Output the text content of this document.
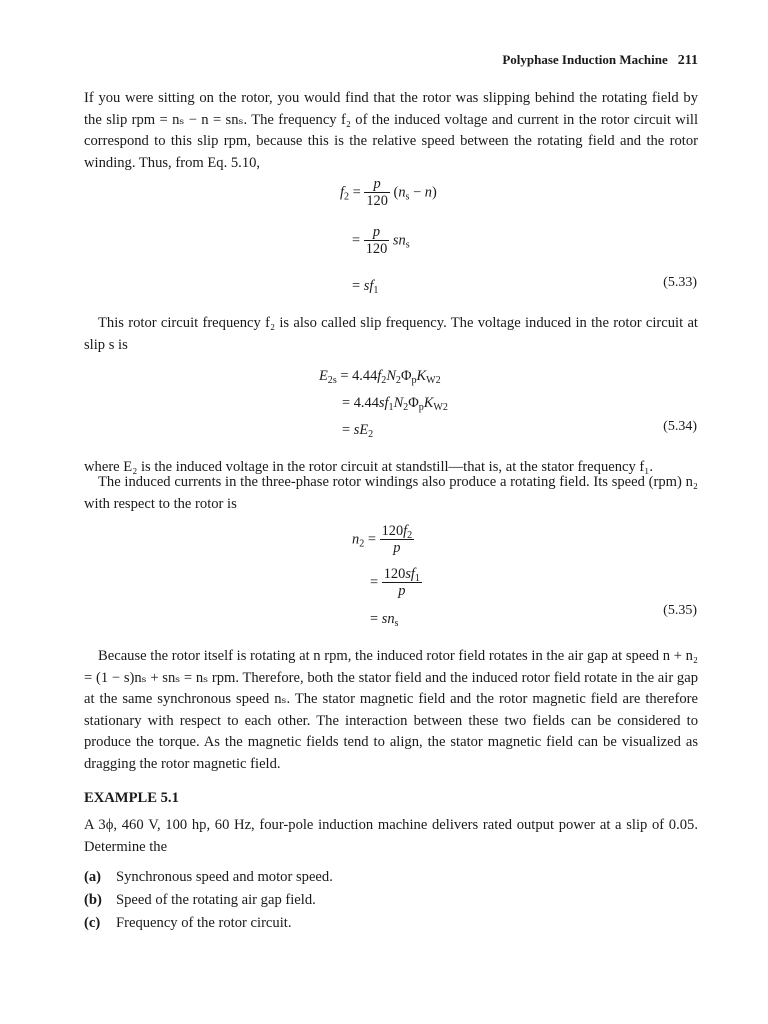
Polyphase Induction Machine 211

If you were sitting on the rotor, you would find that the rotor was slipping behind the rotating field by the slip rpm = nₛ − n = snₛ. The frequency f₂ of the induced voltage and current in the rotor circuit will correspond to this slip rpm, because this is the relative speed between the rotating field and the rotor winding. Thus, from Eq. 5.10,

$f_2 = \frac{p}{120} (n_s - n)$
= $\frac{p}{120} sn_s$
= $sf_1$
(5.33)

This rotor circuit frequency f₂ is also called slip frequency. The voltage induced in the rotor circuit at slip s is

$E_{2s} = 4.44f_2N_2\Phi_pK_{W2}$
= $4.44sf_1N_2\Phi_pK_{W2}$
= $sE_2$
(5.34)

where E₂ is the induced voltage in the rotor circuit at standstill—that is, at the stator frequency f₁.

The induced currents in the three-phase rotor windings also produce a rotating field. Its speed (rpm) n₂ with respect to the rotor is

$n_2 = \frac{120f_2}{p}$
= $\frac{120sf_1}{p}$
= $sn_s$
(5.35)

Because the rotor itself is rotating at n rpm, the induced rotor field rotates in the air gap at speed n + n₂ = (1 − s)nₛ + snₛ = nₛ rpm. Therefore, both the stator field and the induced rotor field rotate in the air gap at the same synchronous speed nₛ. The stator magnetic field and the rotor magnetic field are therefore stationary with respect to each other. The interaction between these two fields can be considered to produce the torque. As the magnetic fields tend to align, the stator magnetic field can be visualized as dragging the rotor magnetic field.

EXAMPLE 5.1

A 3ϕ, 460 V, 100 hp, 60 Hz, four-pole induction machine delivers rated output power at a slip of 0.05. Determine the

(a) Synchronous speed and motor speed.
(b) Speed of the rotating air gap field.
(c) Frequency of the rotor circuit.
